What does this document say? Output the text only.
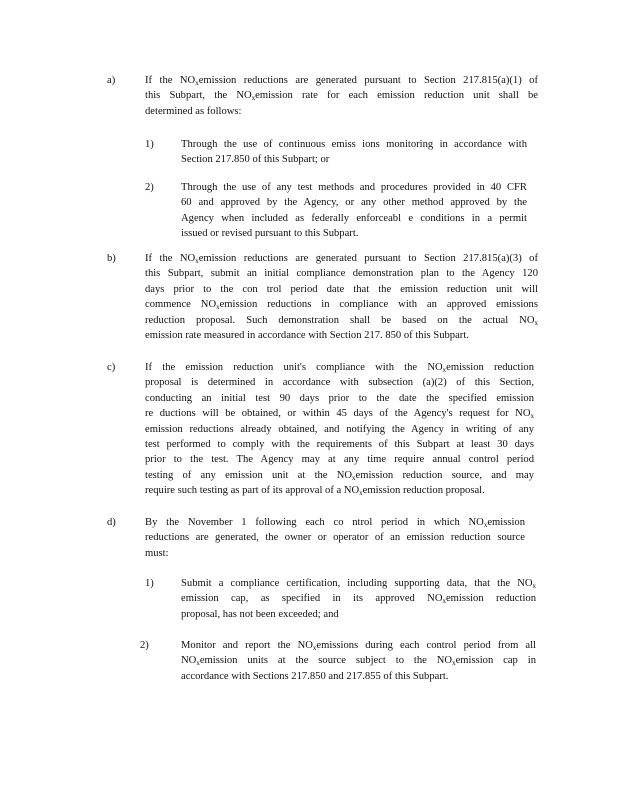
a)	If the $NO_xemission$ reductions are generated pursuant to Section 217.815(a)(1) of
this Subpart, the $NO_xemission$ rate for each emission reduction unit shall be
determined as follows:
1)	Through the use of continuous emiss ions monitoring in accordance with
Section 217.850 of this Subpart; or
2)	Through the use of any test methods and procedures provided in 40 CFR
60 and approved by the Agency, or any other method approved by the
Agency when included as federally enforceabl e conditions in a permit
issued or revised pursuant to this Subpart.
b)	If the $NO_xemission$ reductions are generated pursuant to Section 217.815(a)(3) of
this Subpart, submit an initial compliance demonstration plan to the Agency 120
days prior to the con trol period date that the emission reduction unit will
commence $NO_xemission$ reductions in compliance with an approved emissions
reduction proposal. Such demonstration shall be based on the actual $NO_x$
emission rate measured in accordance with Section 217. 850 of this Subpart.
c)	If the emission reduction unit's compliance with the $NO_xemission$ reduction
proposal is determined in accordance with subsection (a)(2) of this Section,
conducting an initial test 90 days prior to the date the specified emission
re ductions will be obtained, or within 45 days of the Agency's request for $NO_x$
emission reductions already obtained, and notifying the Agency in writing of any
test performed to comply with the requirements of this Subpart at least 30 days
prior to the test. The Agency may at any time require annual control period
testing of any emission unit at the $NO_xemission$ reduction source, and may
require such testing as part of its approval of a $NO_xemission$ reduction proposal.
d)	By the November 1 following each co ntrol period in which $NO_xemission$
reductions are generated, the owner or operator of an emission reduction source
must:
1)	Submit a compliance certification, including supporting data, that the $NO_x$
emission cap, as specified in its approved $NO_xemission$ reduction
proposal, has not been exceeded; and
2)	Monitor and report the $NO_xemissions$ during each control period from all
$NO_xemission$ units at the source subject to the $NO_xemission$ cap in
accordance with Sections 217.850 and 217.855 of this Subpart.
